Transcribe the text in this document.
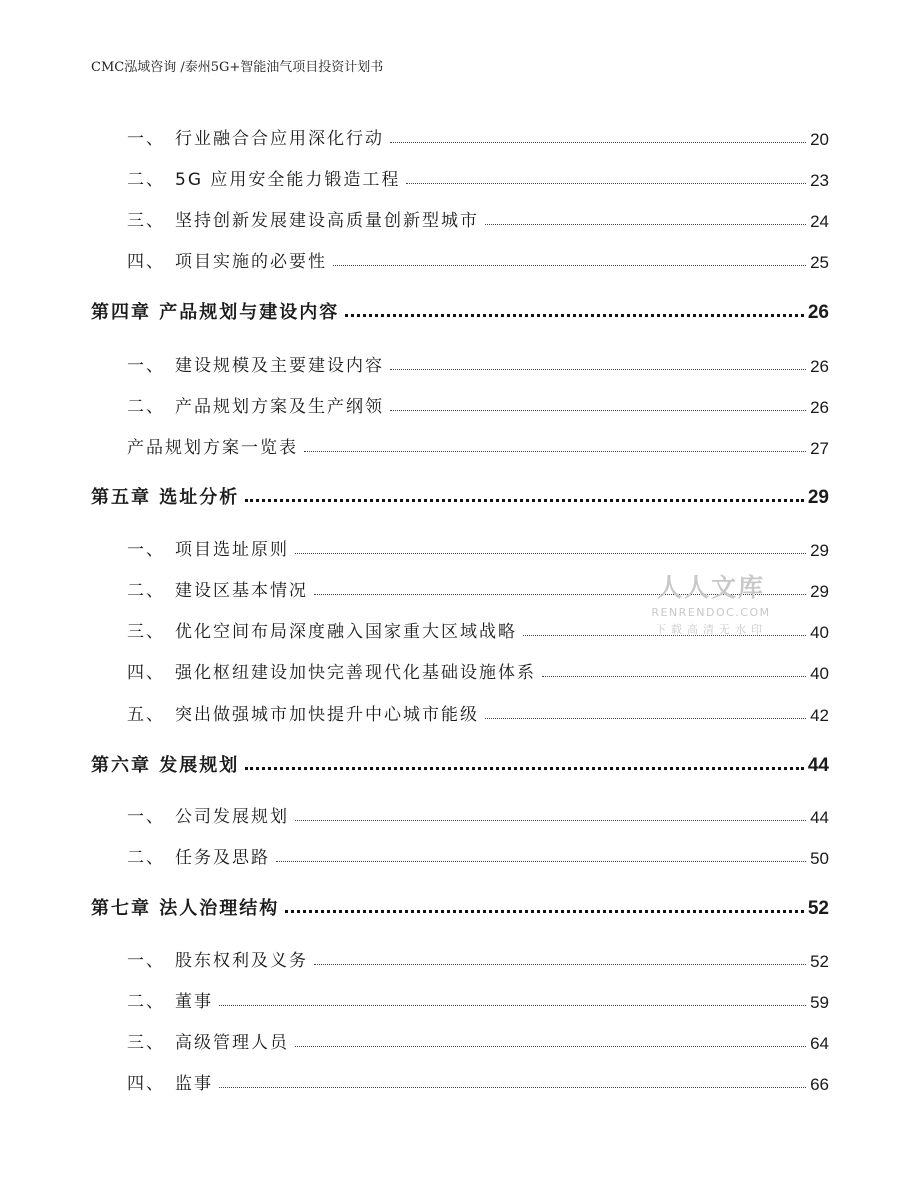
CMC泓域咨询 /泰州5G+智能油气项目投资计划书
一、 行业融合合应用深化行动	20
二、 5G 应用安全能力锻造工程	23
三、 坚持创新发展建设高质量创新型城市	24
四、 项目实施的必要性	25
第四章 产品规划与建设内容	26
一、 建设规模及主要建设内容	26
二、 产品规划方案及生产纲领	26
产品规划方案一览表	27
第五章 选址分析	29
一、 项目选址原则	29
二、 建设区基本情况	29
三、 优化空间布局深度融入国家重大区域战略	40
四、 强化枢纽建设加快完善现代化基础设施体系	40
五、 突出做强城市加快提升中心城市能级	42
第六章 发展规划	44
一、 公司发展规划	44
二、 任务及思路	50
第七章 法人治理结构	52
一、 股东权利及义务	52
二、 董事	59
三、 高级管理人员	64
四、 监事	66
人人文库
RENRENDOC.COM
下载高清无水印
